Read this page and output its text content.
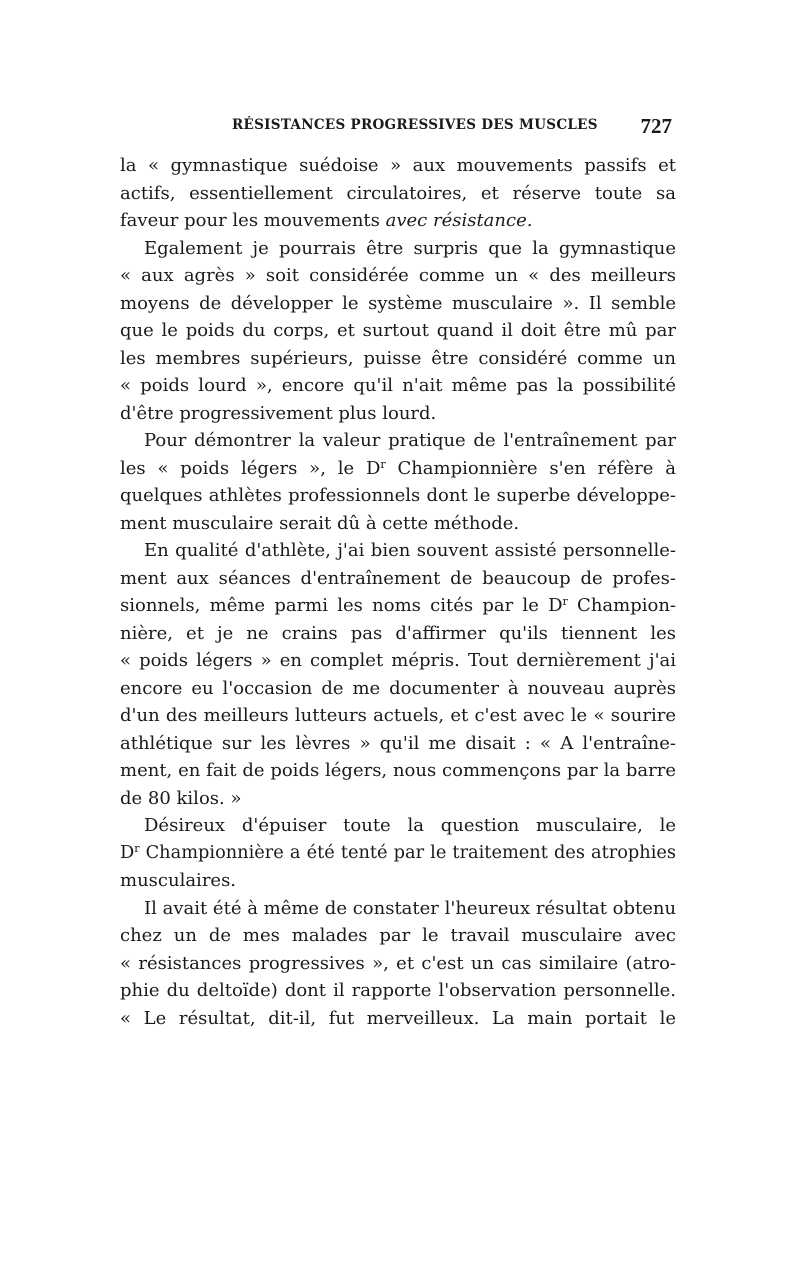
RÉSISTANCES PROGRESSIVES DES MUSCLES 727
la « gymnastique suédoise » aux mouvements passifs et
actifs, essentiellement circulatoires, et réserve toute sa
faveur pour les mouvements avec résistance.
Egalement je pourrais être surpris que la gymnastique
« aux agrès » soit considérée comme un « des meilleurs
moyens de développer le système musculaire ». Il semble
que le poids du corps, et surtout quand il doit être mû par
les membres supérieurs, puisse être considéré comme un
« poids lourd », encore qu'il n'ait même pas la possibilité
d'être progressivement plus lourd.
Pour démontrer la valeur pratique de l'entraînement par
les « poids légers », le $D^r$ Championnière s'en réfère à
quelques athlètes professionnels dont le superbe développe-
ment musculaire serait dû à cette méthode.
En qualité d'athlète, j'ai bien souvent assisté personnelle-
ment aux séances d'entraînement de beaucoup de profes-
sionnels, même parmi les noms cités par le $D^r$ Champion-
nière, et je ne crains pas d'affirmer qu'ils tiennent les
« poids légers » en complet mépris. Tout dernièrement j'ai
encore eu l'occasion de me documenter à nouveau auprès
d'un des meilleurs lutteurs actuels, et c'est avec le « sourire
athlétique sur les lèvres » qu'il me disait : « A l'entraîne-
ment, en fait de poids légers, nous commençons par la barre
de 80 kilos. »
Désireux d'épuiser toute la question musculaire, le
$D^r$ Championnière a été tenté par le traitement des atrophies
musculaires.
Il avait été à même de constater l'heureux résultat obtenu
chez un de mes malades par le travail musculaire avec
« résistances progressives », et c'est un cas similaire (atro-
phie du deltoïde) dont il rapporte l'observation personnelle.
« Le résultat, dit-il, fut merveilleux. La main portait le
